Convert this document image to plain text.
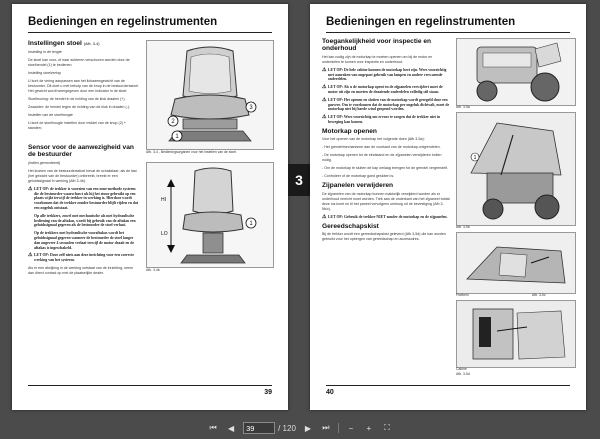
Bedieningen en regelinstrumenten
Instellingen stoel (Afb. 3-4)
Instelling in de lengte
De stoel kan voor- of naar achteren verschoven worden door de stoelhendel (1) te bedienen.
Instelling stoelvering
U kunt de vering aanpassen aan het lichaamsgewicht van de bestuurder. Dit doet u met behulp van de knop in de bestuurdersstoel. Het gewicht wordt weergegeven door een indicator in de stoel.
Stoelleuning: de hendel in de richting van de klok draaien (+).
Zwaarder: de hendel tegen de richting van de klok in draaien (-).
Instellen van de stoelhoogte
U kunt de stoelhoogte instellen door middel van de knop (2) + standen;
2
1
3
Afb. 3-4 - Bedieningsorganen voor het instellen van de stoel.
Sensor voor de aanwezigheid van de bestuurder
(indien gemonteerd)
Het kussen van de bestuurdersstoel bevat de schakelaar; als de last (het gewicht van de bestuurder) ontbreekt, breekt er een geluidssignaal in werking (Afb 3-4b).
⚠ LET OP: de trekker is voorzien van een zone-methode systeem die de bestuurder waarschuwt als hij het stuur gebruikt op een plaats wijkt terwijl de trekker in werking is. Hierdoor wordt voorkomen dat de trekker zonder bestuurder blijft rijden en dat een ongeluk ontstaat.
Op alle trekkers, zowel met mechanische als met hydraulische bediening van de aftakas, wordt bij gebruik van de aftakas een geluidssignaal gegeven als de bestuurder de stoel verlaat.
Op de trekkers met hydraulische vooraftakas wordt het geluidssignaal gegeven wanneer de bestuurder de stoel langer dan ongeveer 4 seconden verlaat terwijl de motor draait en de aftakas is ingeschakeld.
⚠ LET OP: Door zelf niets aan deze inrichting voor een correcte werking van het systeem.
Als er een afwijking in de werking ontstaat van de inrichting, neem dan direct contact op met de plaatselijke dealer.
HI
LO
1
Afb. 3-4b
39
3
Bedieningen en regelinstrumenten
Toegankelijkheid voor inspectie en onderhoud
Het kan nodig zijn de motorkap te moeten openen om bij de motor en onderdelen te komen voor inspectie en onderhoud.
⚠ LET OP: De hele cabine kunnen de motorkap heet zijn. Wees voorzichtig met aanraken van ongepast gebruik van lampen en andere verwarmde onderdelen.
⚠ LET OP: Als u de motorkap opent en de zijpanelen verwijdert moet de motor uit zijn en moeten de draaiende onderdelen volledig stil staan.
⚠ LET OP: Het openen en sluiten van de motorkap wordt geregeld door een gasveer. Om te voorkomen dat de motorkap per ongeluk dichtvalt, moet de motorkap niet bij harde wind geopend worden.
⚠ LET OP: Wees voorzichtig om ervoor te zorgen dat de trekker niet in beweging kan komen.
Motorkap openen
Voor het openen van de motorkap het volgende doen (Afb 3-5a):
- Het grendelmechanisme aan de voorkant van de motorkap ontgrendelen.
- De motorkap openen tot de eindstand en de zijpanelen verwijderen indien nodig.
- Om de motorkap te sluiten de kap omlaag brengen tot de grendel vergrendelt.
- Controleer of de motorkap goed gesloten is.
Zijpanelen verwijderen
De zijpanelen van de motorkap kunnen makkelijk verwijderd worden als er onderhoud verricht moet worden. Trek aan de onderkant van het zijpaneel totdat deze los komt en til het paneel vervolgens omhoog uit de bevestiging (Afb 3-5b/c).
⚠ LET OP: Gebruik de trekker NIET zonder de motorkap en de zijpanelen.
Gereedschapskist
Bij de trekker wordt een gereedschapskist geleverd (Afb 3-5d) die kan worden gebruikt voor het opbergen van gereedschap en accessoires.
Afb. 3-5a
1
Afb. 3-5b
Platform	Afb. 3-5c
Cabine
Afb. 3-5d
40
⏮	◀
39	/ 120	▶	⏭	−	+	⛶
